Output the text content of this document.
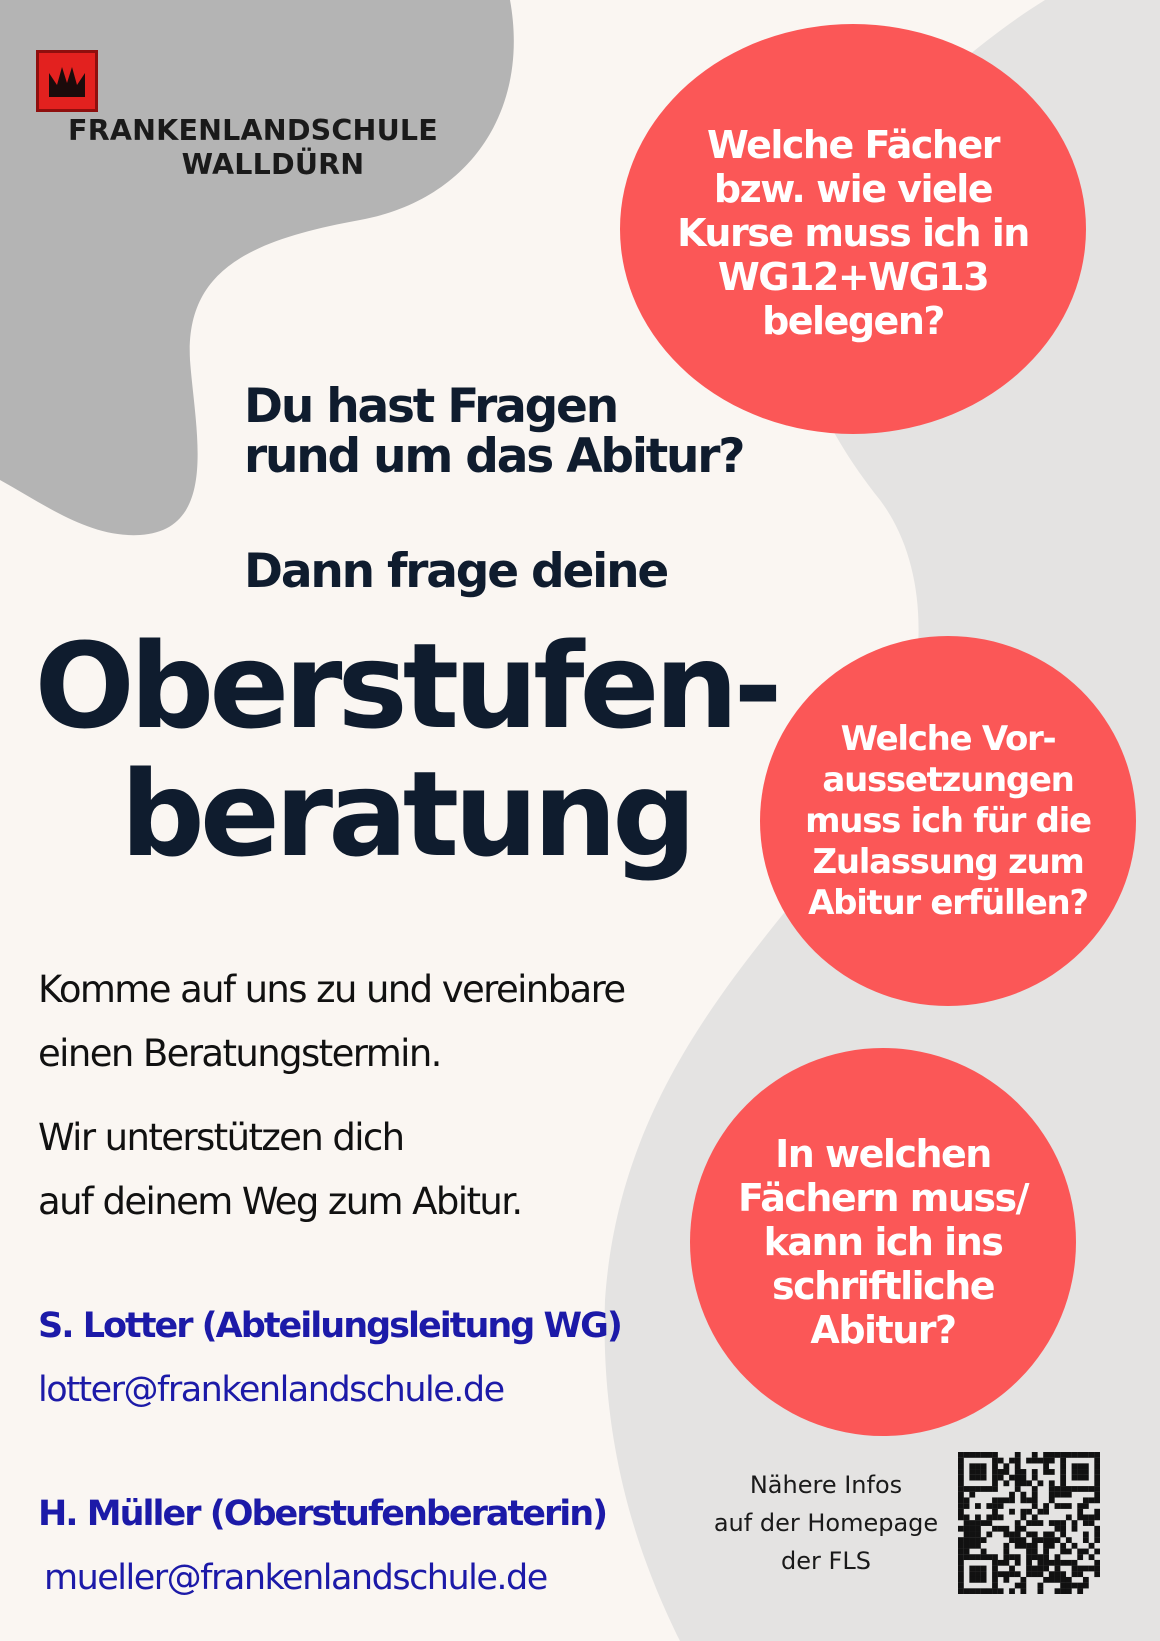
FRANKENLANDSCHULE
WALLDÜRN	Welche Fächer
bzw. wie viele
Kurse muss ich in
WG12+WG13
belegen?
Welche Vor-
aussetzungen
muss ich für die
Zulassung zum
Abitur erfüllen?
In welchen
Fächern muss/
kann ich ins
schriftliche
Abitur?
Du hast Fragen
rund um das Abitur?
Dann frage deine
Oberstufen-
beratung
Komme auf uns zu und vereinbare
einen Beratungstermin.
Wir unterstützen dich
auf deinem Weg zum Abitur.
S. Lotter (Abteilungsleitung WG)
lotter@frankenlandschule.de
H. Müller (Oberstufenberaterin)
mueller@frankenlandschule.de
Nähere Infos
auf der Homepage
der FLS
